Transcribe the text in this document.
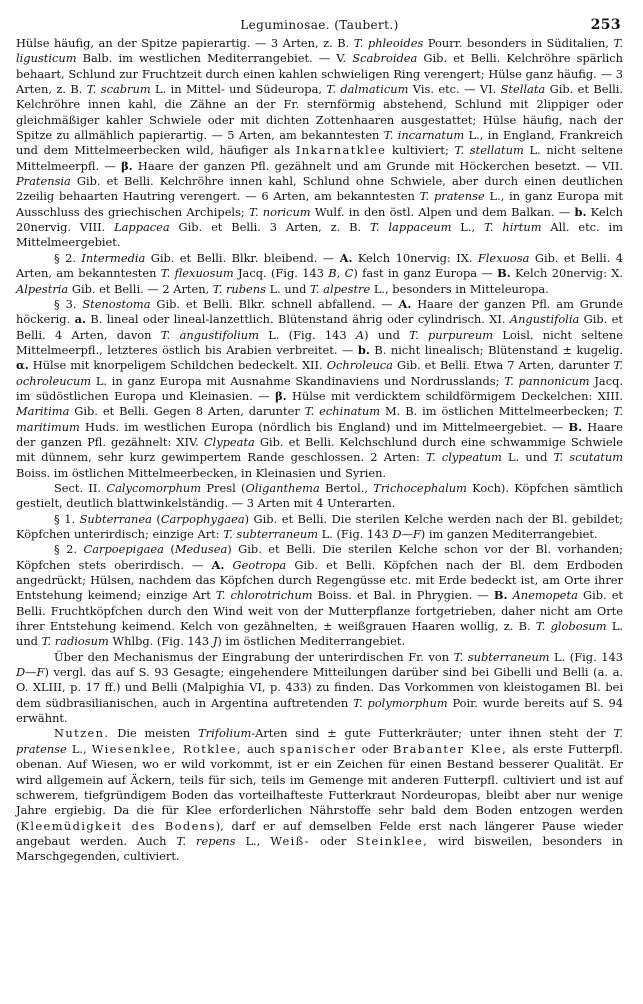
Leguminosae. (Taubert.)	253

Hülse häufig, an der Spitze papierartig. — 3 Arten, z. B. T. phleoides Pourr. besonders in Süditalien, T. ligusticum Balb. im westlichen Mediterrangebiet. — V. Scabroidea Gib. et Belli. Kelchröhre spärlich behaart, Schlund zur Fruchtzeit durch einen kahlen schwieligen Ring verengert; Hülse ganz häufig. — 3 Arten, z. B. T. scabrum L. in Mittel- und Südeuropa, T. dalmaticum Vis. etc. — VI. Stellata Gib. et Belli. Kelchröhre innen kahl, die Zähne an der Fr. sternförmig abstehend, Schlund mit 2lippiger oder gleichmäßiger kahler Schwiele oder mit dichten Zottenhaaren ausgestattet; Hülse häufig, nach der Spitze zu allmählich papierartig. — 5 Arten, am bekanntesten T. incarnatum L., in England, Frankreich und dem Mittelmeerbecken wild, häufiger als Inkarnatklee kultiviert; T. stellatum L. nicht seltene Mittelmeerpfl. — β. Haare der ganzen Pfl. gezähnelt und am Grunde mit Höckerchen besetzt. — VII. Pratensia Gib. et Belli. Kelchröhre innen kahl, Schlund ohne Schwiele, aber durch einen deutlichen 2zeilig behaarten Hautring verengert. — 6 Arten, am bekanntesten T. pratense L., in ganz Europa mit Ausschluss des griechischen Archipels; T. noricum Wulf. in den östl. Alpen und dem Balkan. — b. Kelch 20nervig. VIII. Lappacea Gib. et Belli. 3 Arten, z. B. T. lappaceum L., T. hirtum All. etc. im Mittelmeergebiet.

§ 2. Intermedia Gib. et Belli. Blkr. bleibend. — A. Kelch 10nervig: IX. Flexuosa Gib. et Belli. 4 Arten, am bekanntesten T. flexuosum Jacq. (Fig. 143 B, C) fast in ganz Europa — B. Kelch 20nervig: X. Alpestria Gib. et Belli. — 2 Arten, T. rubens L. und T. alpestre L., besonders in Mitteleuropa.

§ 3. Stenostoma Gib. et Belli. Blkr. schnell abfallend. — A. Haare der ganzen Pfl. am Grunde höckerig. a. B. lineal oder lineal-lanzettlich. Blütenstand ährig oder cylindrisch. XI. Angustifolia Gib. et Belli. 4 Arten, davon T. angustifolium L. (Fig. 143 A) und T. purpureum Loisl. nicht seltene Mittelmeerpfl., letzteres östlich bis Arabien verbreitet. — b. B. nicht linealisch; Blütenstand ± kugelig. α. Hülse mit knorpeligem Schildchen bedeckelt. XII. Ochroleuca Gib. et Belli. Etwa 7 Arten, darunter T. ochroleucum L. in ganz Europa mit Ausnahme Skandinaviens und Nordrusslands; T. pannonicum Jacq. im südöstlichen Europa und Kleinasien. — β. Hülse mit verdicktem schildförmigem Deckelchen: XIII. Maritima Gib. et Belli. Gegen 8 Arten, darunter T. echinatum M. B. im östlichen Mittelmeerbecken; T. maritimum Huds. im westlichen Europa (nördlich bis England) und im Mittelmeergebiet. — B. Haare der ganzen Pfl. gezähnelt: XIV. Clypeata Gib. et Belli. Kelchschlund durch eine schwammige Schwiele mit dünnem, sehr kurz gewimpertem Rande geschlossen. 2 Arten: T. clypeatum L. und T. scutatum Boiss. im östlichen Mittelmeerbecken, in Kleinasien und Syrien.

Sect. II. Calycomorphum Presl (Oliganthema Bertol., Trichocephalum Koch). Köpfchen sämtlich gestielt, deutlich blattwinkelständig. — 3 Arten mit 4 Unterarten.

§ 1. Subterranea (Carpophygaea) Gib. et Belli. Die sterilen Kelche werden nach der Bl. gebildet; Köpfchen unterirdisch; einzige Art: T. subterraneum L. (Fig. 143 D—F) im ganzen Mediterrangebiet.

§ 2. Carpoepigaea (Medusea) Gib. et Belli. Die sterilen Kelche schon vor der Bl. vorhanden; Köpfchen stets oberirdisch. — A. Geotropa Gib. et Belli. Köpfchen nach der Bl. dem Erdboden angedrückt; Hülsen, nachdem das Köpfchen durch Regengüsse etc. mit Erde bedeckt ist, am Orte ihrer Entstehung keimend; einzige Art T. chlorotrichum Boiss. et Bal. in Phrygien. — B. Anemopeta Gib. et Belli. Fruchtköpfchen durch den Wind weit von der Mutterpflanze fortgetrieben, daher nicht am Orte ihrer Entstehung keimend. Kelch von gezähnelten, ± weißgrauen Haaren wollig, z. B. T. globosum L. und T. radiosum Whlbg. (Fig. 143 J) im östlichen Mediterrangebiet.

Über den Mechanismus der Eingrabung der unterirdischen Fr. von T. subterraneum L. (Fig. 143 D—F) vergl. das auf S. 93 Gesagte; eingehendere Mitteilungen darüber sind bei Gibelli und Belli (a. a. O. XLIII, p. 17 ff.) und Belli (Malpighia VI, p. 433) zu finden. Das Vorkommen von kleistogamen Bl. bei dem südbrasilianischen, auch in Argentina auftretenden T. polymorphum Poir. wurde bereits auf S. 94 erwähnt.

Nutzen. Die meisten Trifolium-Arten sind ± gute Futterkräuter; unter ihnen steht der T. pratense L., Wiesenklee, Rotklee, auch spanischer oder Brabanter Klee, als erste Futterpfl. obenan. Auf Wiesen, wo er wild vorkommt, ist er ein Zeichen für einen Bestand besserer Qualität. Er wird allgemein auf Äckern, teils für sich, teils im Gemenge mit anderen Futterpfl. cultiviert und ist auf schwerem, tiefgründigem Boden das vorteilhafteste Futterkraut Nordeuropas, bleibt aber nur wenige Jahre ergiebig. Da die für Klee erforderlichen Nährstoffe sehr bald dem Boden entzogen werden (Kleemüdigkeit des Bodens), darf er auf demselben Felde erst nach längerer Pause wieder angebaut werden. Auch T. repens L., Weiß- oder Steinklee, wird bisweilen, besonders in Marschgegenden, cultiviert.
